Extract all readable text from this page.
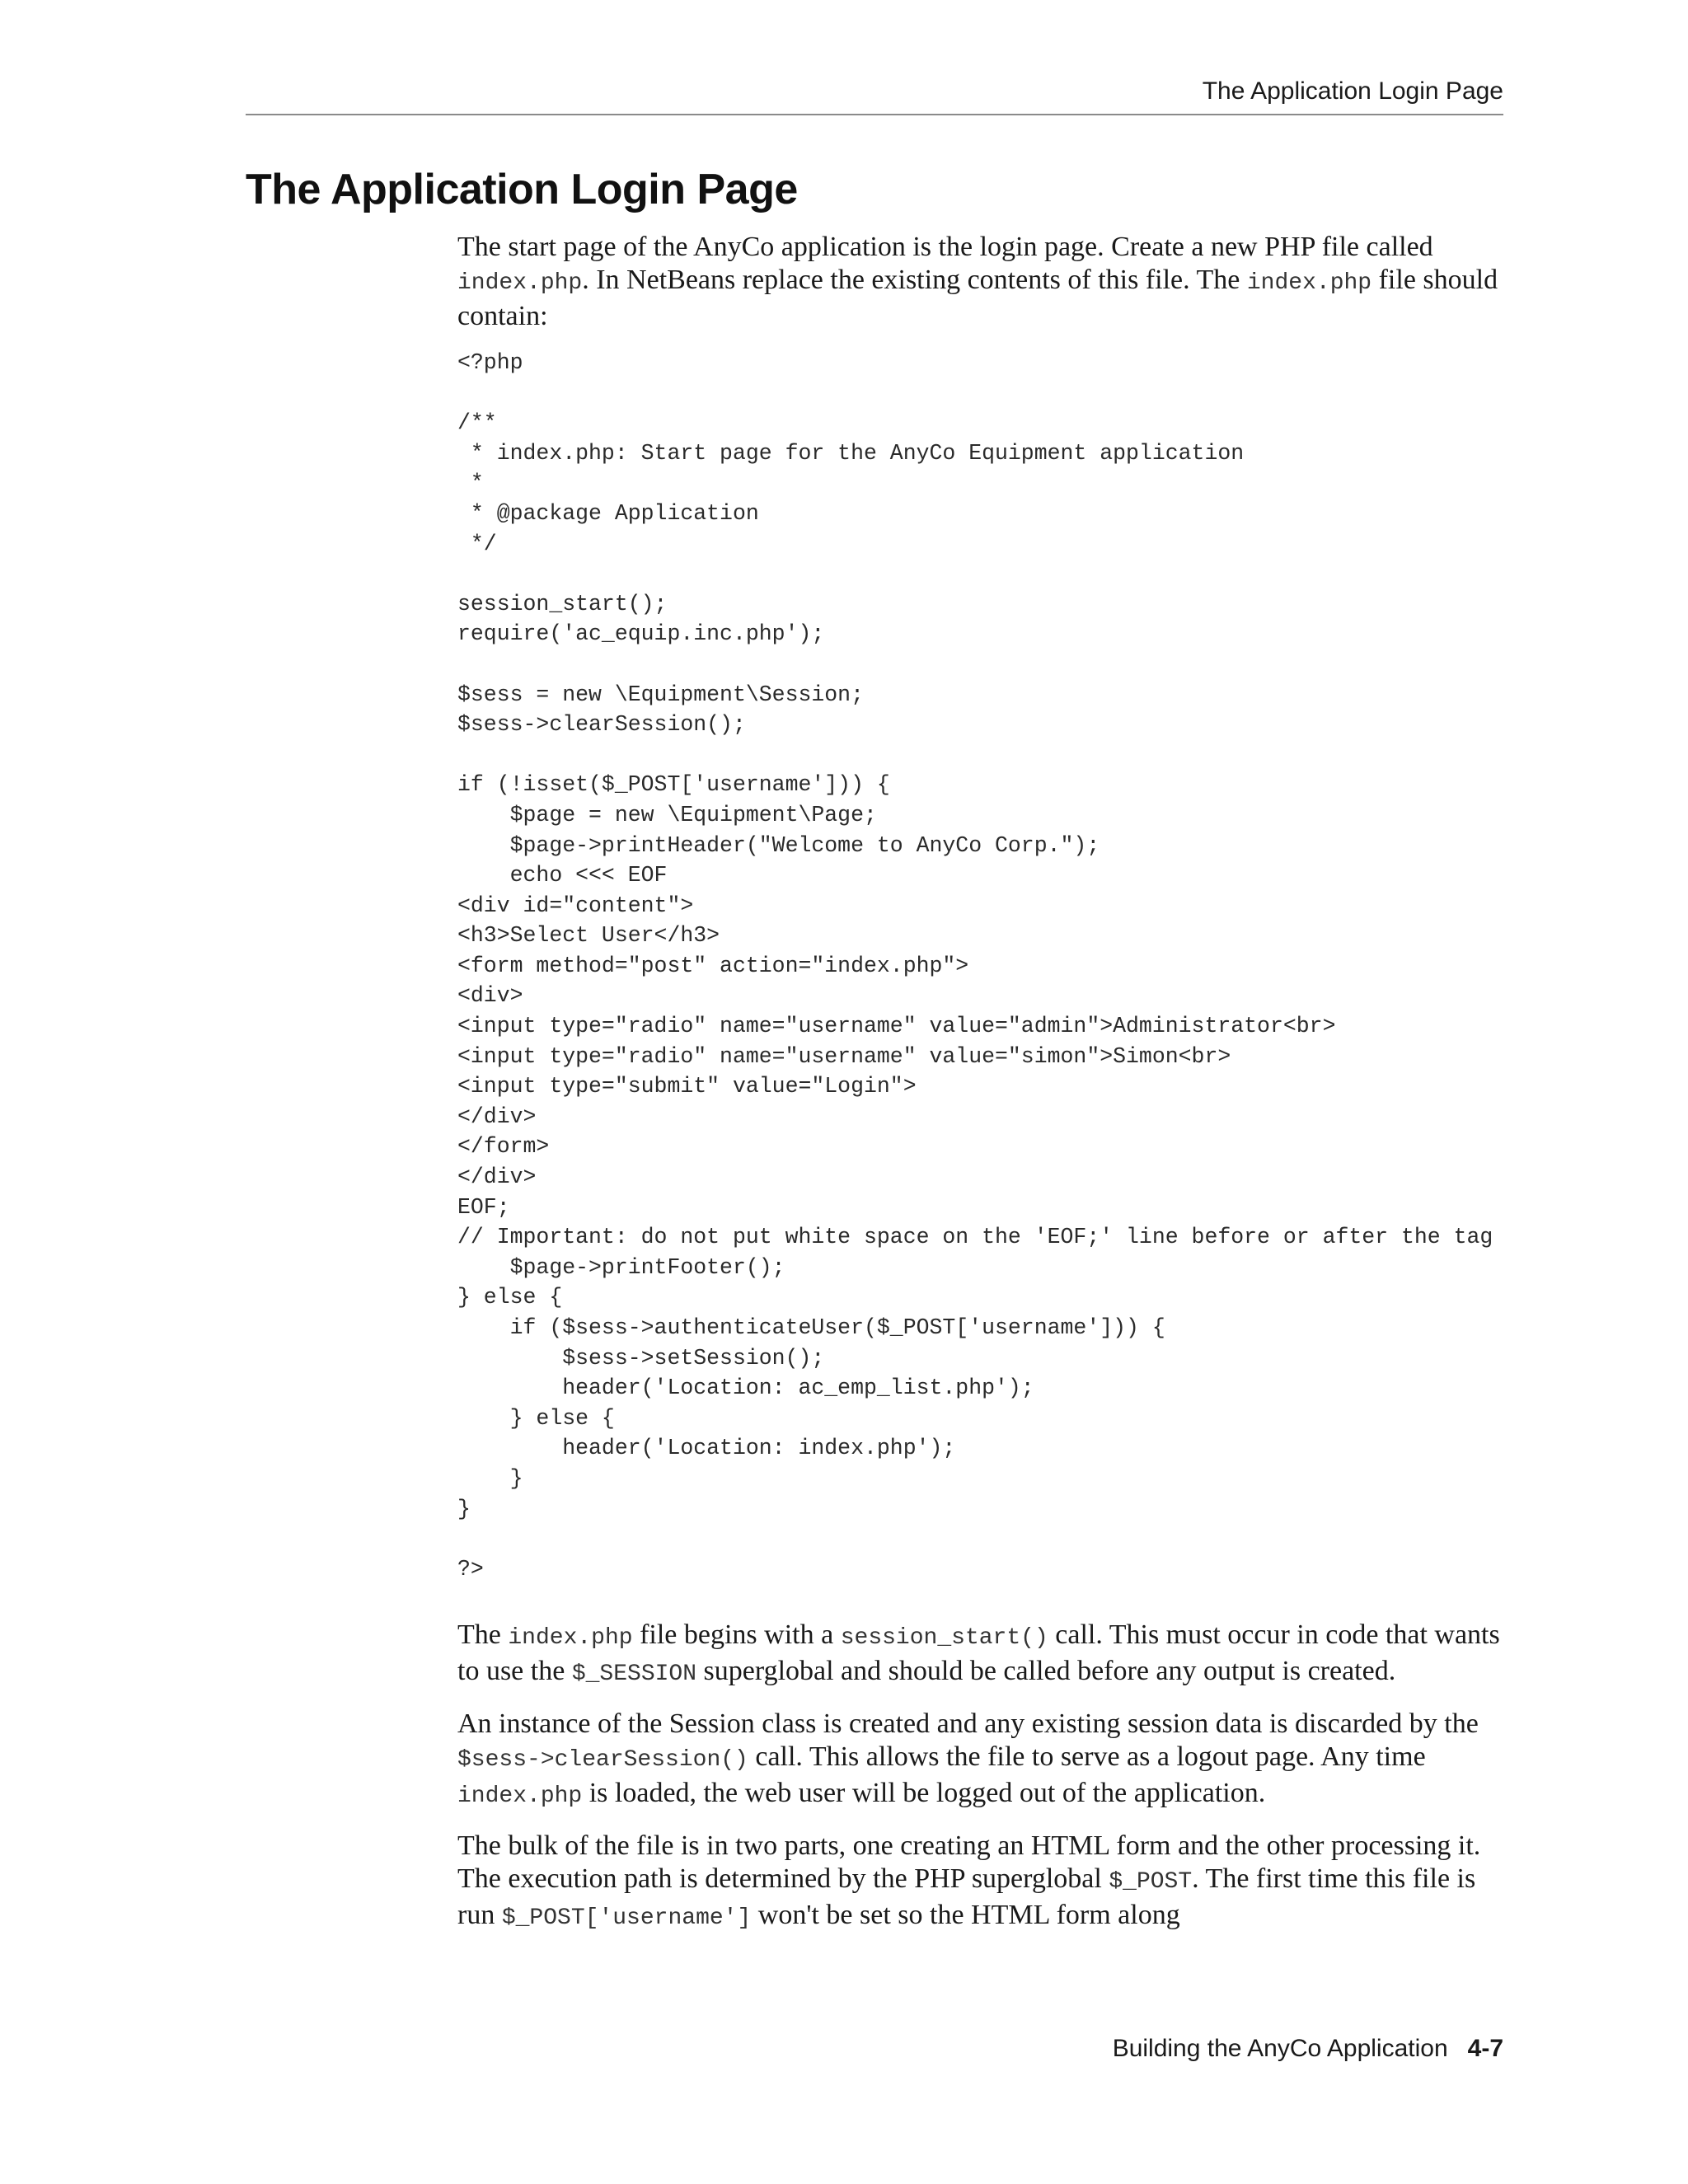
The Application Login Page
The Application Login Page

The start page of the AnyCo application is the login page. Create a new PHP file called index.php. In NetBeans replace the existing contents of this file. The index.php file should contain:

<?php
/**
* index.php: Start page for the AnyCo Equipment application
*
* @package Application
*/
session_start();
require('ac_equip.inc.php');
$sess = new \Equipment\Session;
$sess->clearSession();
if (!isset($_POST['username'])) {
$page = new \Equipment\Page;
$page->printHeader("Welcome to AnyCo Corp.");
echo <<< EOF
<div id="content">
<h3>Select User</h3>
<form method="post" action="index.php">
<div>
<input type="radio" name="username" value="admin">Administrator<br>
<input type="radio" name="username" value="simon">Simon<br>
<input type="submit" value="Login">
</div>
</form>
</div>
EOF;
// Important: do not put white space on the 'EOF;' line before or after the tag
$page->printFooter();
} else {
if ($sess->authenticateUser($_POST['username'])) {
$sess->setSession();
header('Location: ac_emp_list.php');
} else {
header('Location: index.php');
}
}
?>

The index.php file begins with a session_start() call. This must occur in code that wants to use the $_SESSION superglobal and should be called before any output is created.

An instance of the Session class is created and any existing session data is discarded by the $sess->clearSession() call. This allows the file to serve as a logout page. Any time index.php is loaded, the web user will be logged out of the application.

The bulk of the file is in two parts, one creating an HTML form and the other processing it. The execution path is determined by the PHP superglobal $_POST. The first time this file is run $_POST['username'] won't be set so the HTML form along

Building the AnyCo Application 4-7
